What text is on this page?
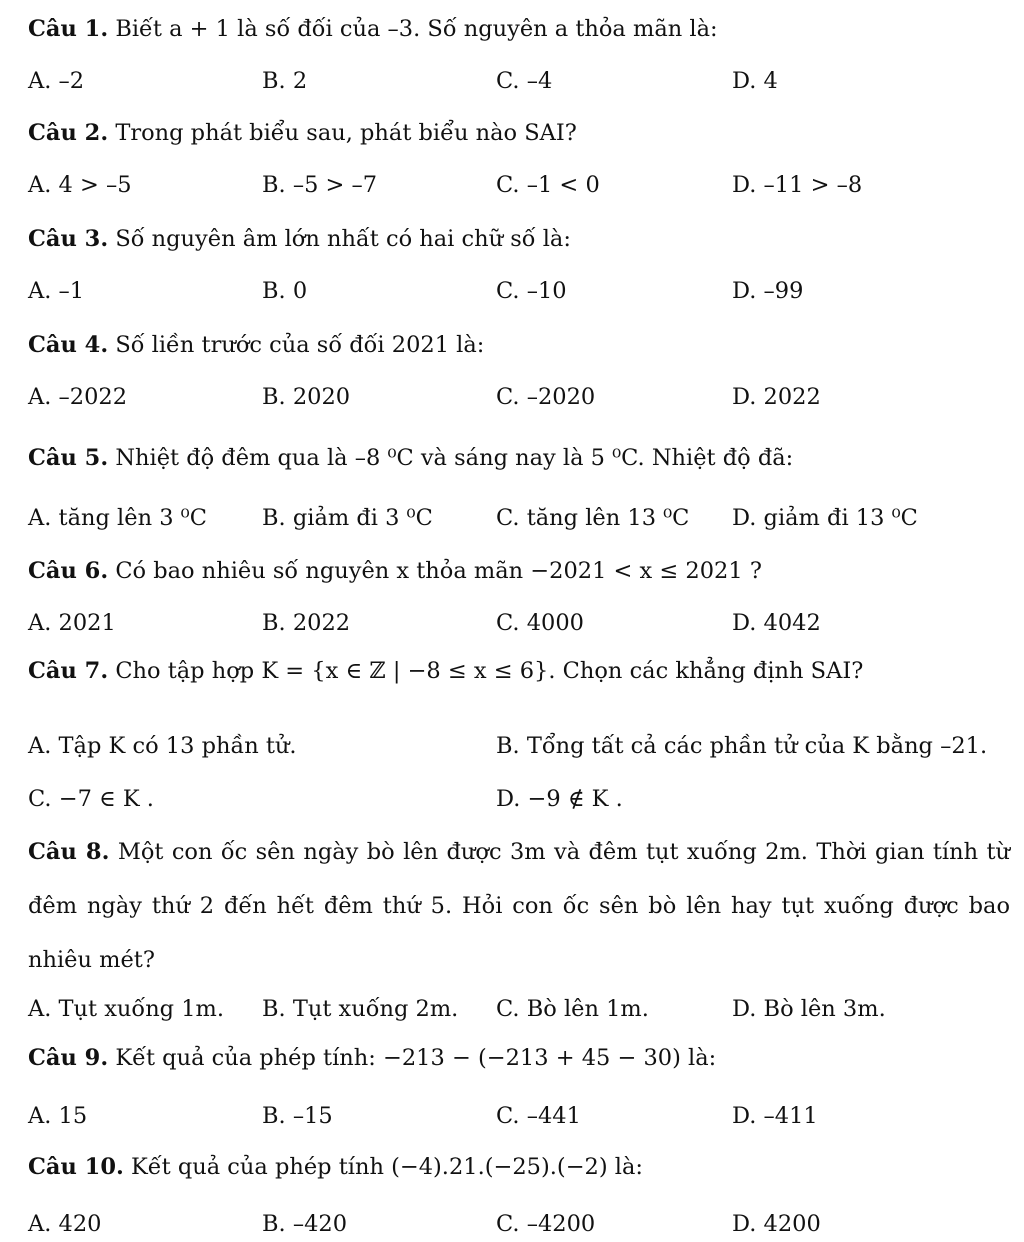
Câu 1. Biết a + 1 là số đối của –3. Số nguyên a thỏa mãn là:
A. –2	B. 2	C. –4	D. 4
Câu 2. Trong phát biểu sau, phát biểu nào SAI?
A. 4 > –5	B. –5 > –7	C. –1 < 0	D. –11 > –8
Câu 3. Số nguyên âm lớn nhất có hai chữ số là:
A. –1	B. 0	C. –10	D. –99
Câu 4. Số liền trước của số đối 2021 là:
A. –2022	B. 2020	C. –2020	D. 2022
Câu 5. Nhiệt độ đêm qua là –8 ⁰C và sáng nay là 5 ⁰C. Nhiệt độ đã:
A. tăng lên 3 ⁰C B. giảm đi 3 ⁰C	C. tăng lên 13 ⁰C D. giảm đi 13 ⁰C
Câu 6. Có bao nhiêu số nguyên x thỏa mãn −2021 < x ≤ 2021 ?
A. 2021	B. 2022	C. 4000	D. 4042
Câu 7. Cho tập hợp K = {x ∈ ℤ | −8 ≤ x ≤ 6}. Chọn các khẳng định SAI?
A. Tập K có 13 phần tử.	B. Tổng tất cả các phần tử của K bằng –21.
C. −7 ∈ K .	D. −9 ∉ K .
Câu 8. Một con ốc sên ngày bò lên được 3m và đêm tụt xuống 2m. Thời gian tính từ đêm ngày thứ 2 đến hết đêm thứ 5. Hỏi con ốc sên bò lên hay tụt xuống được bao nhiêu mét?
A. Tụt xuống 1m. B. Tụt xuống 2m. C. Bò lên 1m.	D. Bò lên 3m.
Câu 9. Kết quả của phép tính: −213 − (−213 + 45 − 30) là:
A. 15	B. –15	C. –441	D. –411
Câu 10. Kết quả của phép tính (−4).21.(−25).(−2) là:
A. 420	B. –420	C. –4200	D. 4200
